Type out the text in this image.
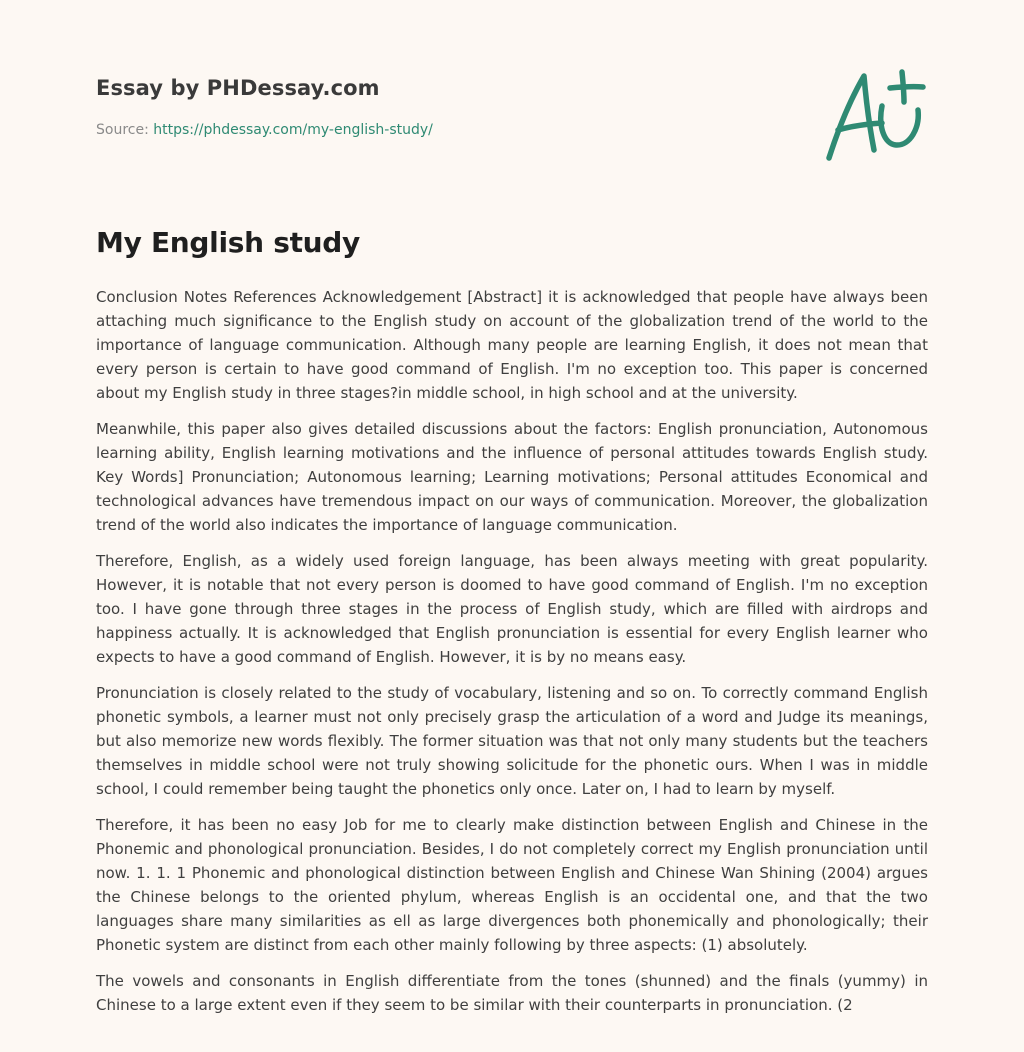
Essay by PHDessay.com
Source: https://phdessay.com/my-english-study/
My English study

Conclusion Notes References Acknowledgement [Abstract] it is acknowledged that people have always been attaching much significance to the English study on account of the globalization trend of the world to the importance of language communication. Although many people are learning English, it does not mean that every person is certain to have good command of English. I'm no exception too. This paper is concerned about my English study in three stages?in middle school, in high school and at the university.

Meanwhile, this paper also gives detailed discussions about the factors: English pronunciation, Autonomous learning ability, English learning motivations and the influence of personal attitudes towards English study. Key Words] Pronunciation; Autonomous learning; Learning motivations; Personal attitudes Economical and technological advances have tremendous impact on our ways of communication. Moreover, the globalization trend of the world also indicates the importance of language communication.

Therefore, English, as a widely used foreign language, has been always meeting with great popularity. However, it is notable that not every person is doomed to have good command of English. I'm no exception too. I have gone through three stages in the process of English study, which are filled with airdrops and happiness actually. It is acknowledged that English pronunciation is essential for every English learner who expects to have a good command of English. However, it is by no means easy.

Pronunciation is closely related to the study of vocabulary, listening and so on. To correctly command English phonetic symbols, a learner must not only precisely grasp the articulation of a word and Judge its meanings, but also memorize new words flexibly. The former situation was that not only many students but the teachers themselves in middle school were not truly showing solicitude for the phonetic ours. When I was in middle school, I could remember being taught the phonetics only once. Later on, I had to learn by myself.

Therefore, it has been no easy Job for me to clearly make distinction between English and Chinese in the Phonemic and phonological pronunciation. Besides, I do not completely correct my English pronunciation until now. 1. 1. 1 Phonemic and phonological distinction between English and Chinese Wan Shining (2004) argues the Chinese belongs to the oriented phylum, whereas English is an occidental one, and that the two languages share many similarities as ell as large divergences both phonemically and phonologically; their Phonetic system are distinct from each other mainly following by three aspects: (1) absolutely.

The vowels and consonants in English differentiate from the tones (shunned) and the finals (yummy) in Chinese to a large extent even if they seem to be similar with their counterparts in pronunciation. (2
